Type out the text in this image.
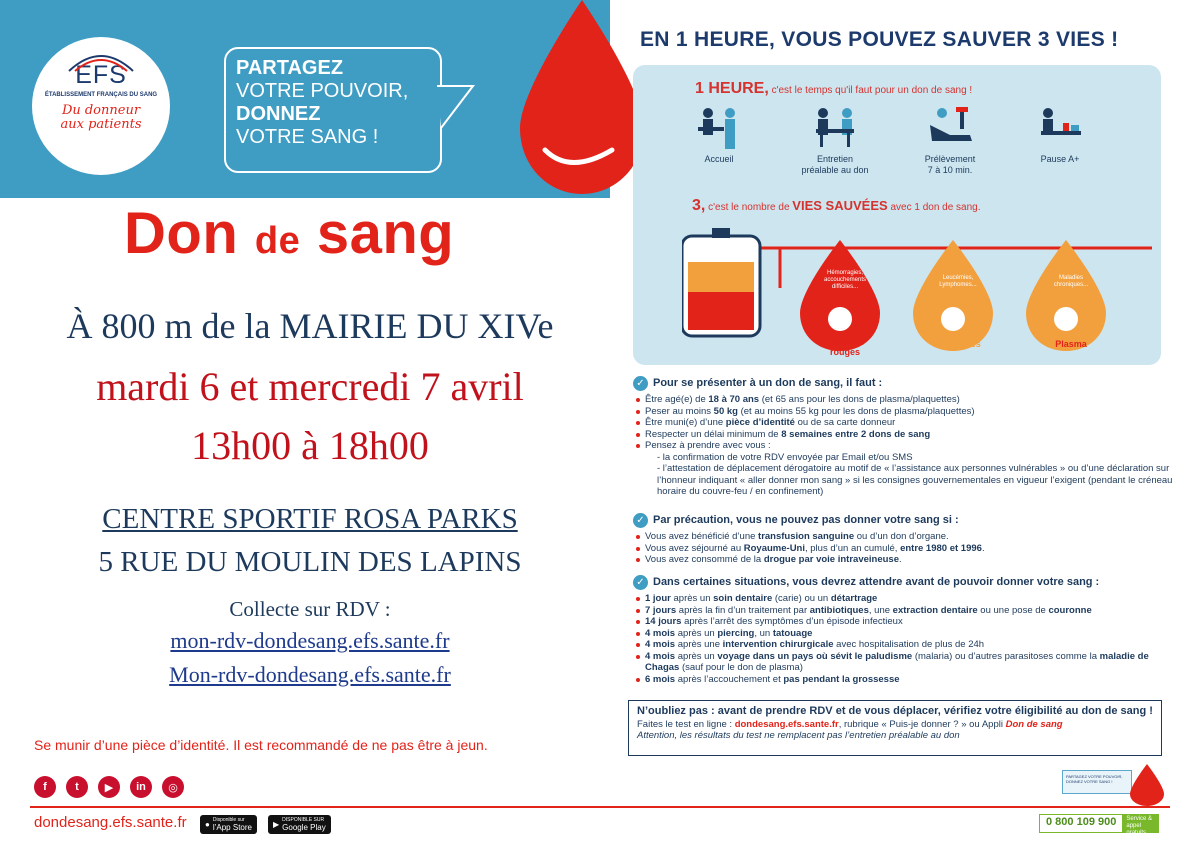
EFS
ÉTABLISSEMENT FRANÇAIS DU SANG
Du donneur
aux patients
PARTAGEZ
VOTRE POUVOIR,
DONNEZ
VOTRE SANG !
EN 1 HEURE, VOUS POUVEZ SAUVER 3 VIES !
1 HEURE, c'est le temps qu'il faut pour un don de sang !
Accueil	Entretien
préalable au don
Prélèvement
7 à 10 min.
Pause A+
3, c'est le nombre de VIES SAUVÉES avec 1 don de sang.
Hémorragies,
accouchements
difficiles...
Leucémies,
Lymphomes...
Maladies
chroniques...
Globules
rouges
Plaquettes	Plasma
Don de sang
À 800 m de la MAIRIE DU XIVe
mardi 6 et mercredi 7 avril
13h00 à 18h00
CENTRE SPORTIF ROSA PARKS
5 RUE DU MOULIN DES LAPINS
Collecte sur RDV :
mon-rdv-dondesang.efs.sante.fr
Mon-rdv-dondesang.efs.sante.fr
Se munir d’une pièce d’identité. Il est recommandé de ne pas être à jeun.
✓ Pour se présenter à un don de sang, il faut :
Être agé(e) de 18 à 70 ans (et 65 ans pour les dons de plasma/plaquettes)
Peser au moins 50 kg (et au moins 55 kg pour les dons de plasma/plaquettes)
Être muni(e) d’une pièce d’identité ou de sa carte donneur
Respecter un délai minimum de 8 semaines entre 2 dons de sang
Pensez à prendre avec vous :
- la confirmation de votre RDV envoyée par Email et/ou SMS
- l’attestation de déplacement dérogatoire au motif de « l’assistance aux personnes vulnérables » ou d’une déclaration sur l’honneur indiquant « aller donner mon sang » si les consignes gouvernementales en vigueur l’exigent (pendant le créneau horaire du couvre-feu / en confinement)
✓ Par précaution, vous ne pouvez pas donner votre sang si :
Vous avez bénéficié d’une transfusion sanguine ou d’un don d’organe.
Vous avez séjourné au Royaume-Uni, plus d’un an cumulé, entre 1980 et 1996.
Vous avez consommé de la drogue par voie intraveineuse.
✓ Dans certaines situations, vous devrez attendre avant de pouvoir donner votre sang :
1 jour après un soin dentaire (carie) ou un détartrage
7 jours après la fin d’un traitement par antibiotiques, une extraction dentaire ou une pose de couronne
14 jours après l’arrêt des symptômes d’un épisode infectieux
4 mois après un piercing, un tatouage
4 mois après une intervention chirurgicale avec hospitalisation de plus de 24h
4 mois après un voyage dans un pays où sévit le paludisme (malaria) ou d’autres parasitoses comme la maladie de Chagas (sauf pour le don de plasma)
6 mois après l’accouchement et pas pendant la grossesse
N’oubliez pas : avant de prendre RDV et de vous déplacer, vérifiez votre éligibilité au don de sang !
Faites le test en ligne : dondesang.efs.sante.fr, rubrique « Puis-je donner ? » ou Appli Don de sang
Attention, les résultats du test ne remplacent pas l’entretien préalable au don
f	t	▶	in	◎
PARTAGEZ VOTRE POUVOIR,
DONNEZ VOTRE SANG !
dondesang.efs.sante.fr ●
Disponible sur
l’App Store	▶
DISPONIBLE SUR
Google Play	0 800 109 900	Service & appel gratuits
